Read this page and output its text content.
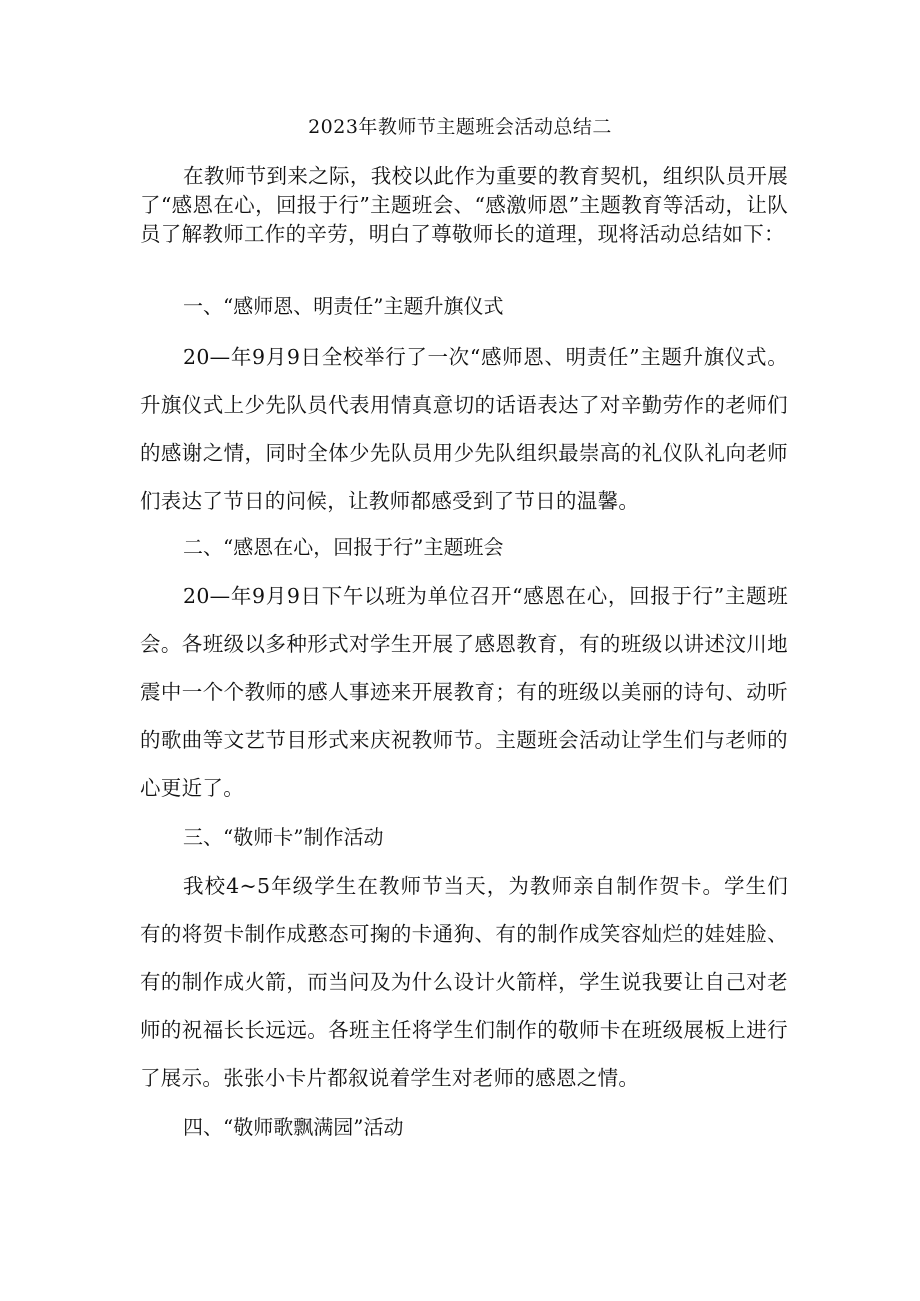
2023年教师节主题班会活动总结二

在教师节到来之际，我校以此作为重要的教育契机，组织队员开展了“感恩在心，回报于行”主题班会、“感激师恩”主题教育等活动，让队员了解教师工作的辛劳，明白了尊敬师长的道理，现将活动总结如下：

一、“感师恩、明责任”主题升旗仪式

20—年9月9日全校举行了一次“感师恩、明责任”主题升旗仪式。升旗仪式上少先队员代表用情真意切的话语表达了对辛勤劳作的老师们的感谢之情，同时全体少先队员用少先队组织最崇高的礼仪队礼向老师们表达了节日的问候，让教师都感受到了节日的温馨。

二、“感恩在心，回报于行”主题班会

20—年9月9日下午以班为单位召开“感恩在心，回报于行”主题班会。各班级以多种形式对学生开展了感恩教育，有的班级以讲述汶川地震中一个个教师的感人事迹来开展教育；有的班级以美丽的诗句、动听的歌曲等文艺节目形式来庆祝教师节。主题班会活动让学生们与老师的心更近了。

三、“敬师卡”制作活动

我校4~5年级学生在教师节当天，为教师亲自制作贺卡。学生们有的将贺卡制作成憨态可掬的卡通狗、有的制作成笑容灿烂的娃娃脸、有的制作成火箭，而当问及为什么设计火箭样，学生说我要让自己对老师的祝福长长远远。各班主任将学生们制作的敬师卡在班级展板上进行了展示。张张小卡片都叙说着学生对老师的感恩之情。

四、“敬师歌飘满园”活动
